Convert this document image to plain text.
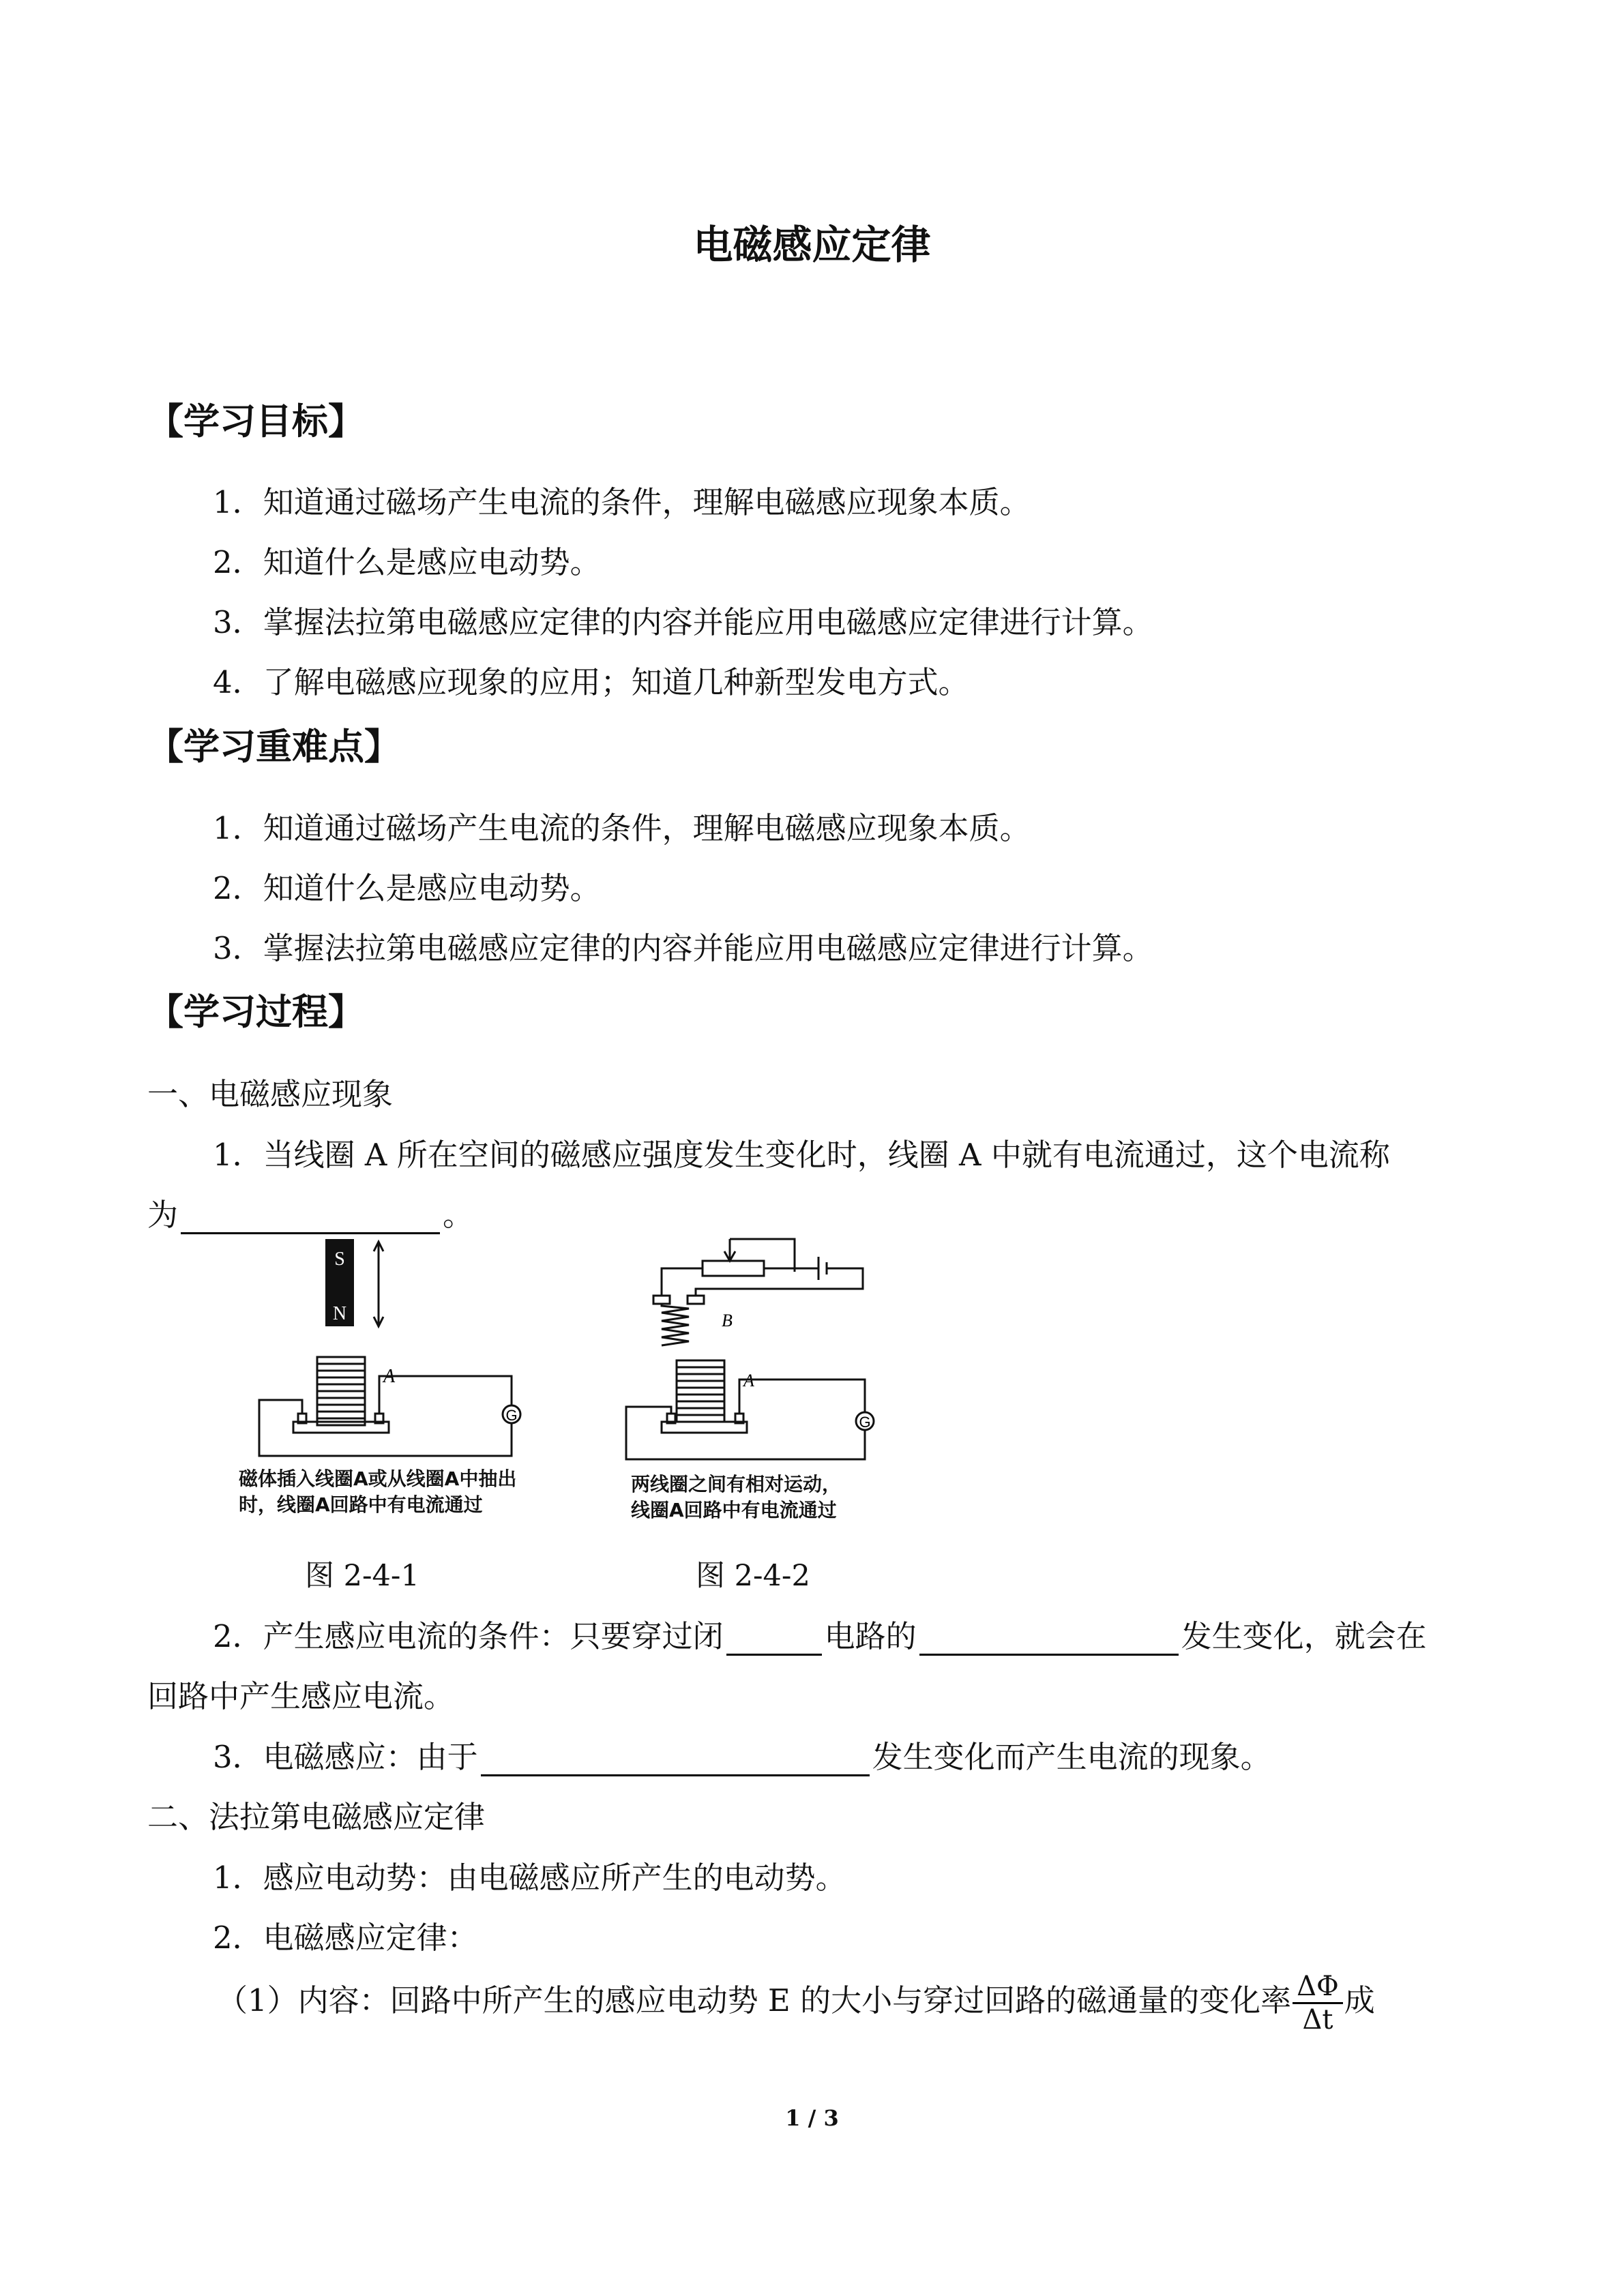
电磁感应定律
【学习目标】
1．知道通过磁场产生电流的条件，理解电磁感应现象本质。
2．知道什么是感应电动势。
3．掌握法拉第电磁感应定律的内容并能应用电磁感应定律进行计算。
4．了解电磁感应现象的应用；知道几种新型发电方式。
【学习重难点】
1．知道通过磁场产生电流的条件，理解电磁感应现象本质。
2．知道什么是感应电动势。
3．掌握法拉第电磁感应定律的内容并能应用电磁感应定律进行计算。
【学习过程】
一、电磁感应现象
1．当线圈 A 所在空间的磁感应强度发生变化时，线圈 A 中就有电流通过，这个电流称
为	。
S
N
A
G
磁体插入线圈A或从线圈A中抽出
时，线圈A回路中有电流通过
图 2-4-1
B
A
G
两线圈之间有相对运动，
线圈A回路中有电流通过
图 2-4-2
2．产生感应电流的条件：只要穿过闭	电路的	发生变化，就会在
回路中产生感应电流。
3．电磁感应：由于	发生变化而产生电流的现象。
二、法拉第电磁感应定律
1．感应电动势：由电磁感应所产生的电动势。
2．电磁感应定律：
（1）内容：回路中所产生的感应电动势 E 的大小与穿过回路的磁通量的变化率 $\frac{\Delta\Phi}{\Delta t}$ 成
1 / 3
